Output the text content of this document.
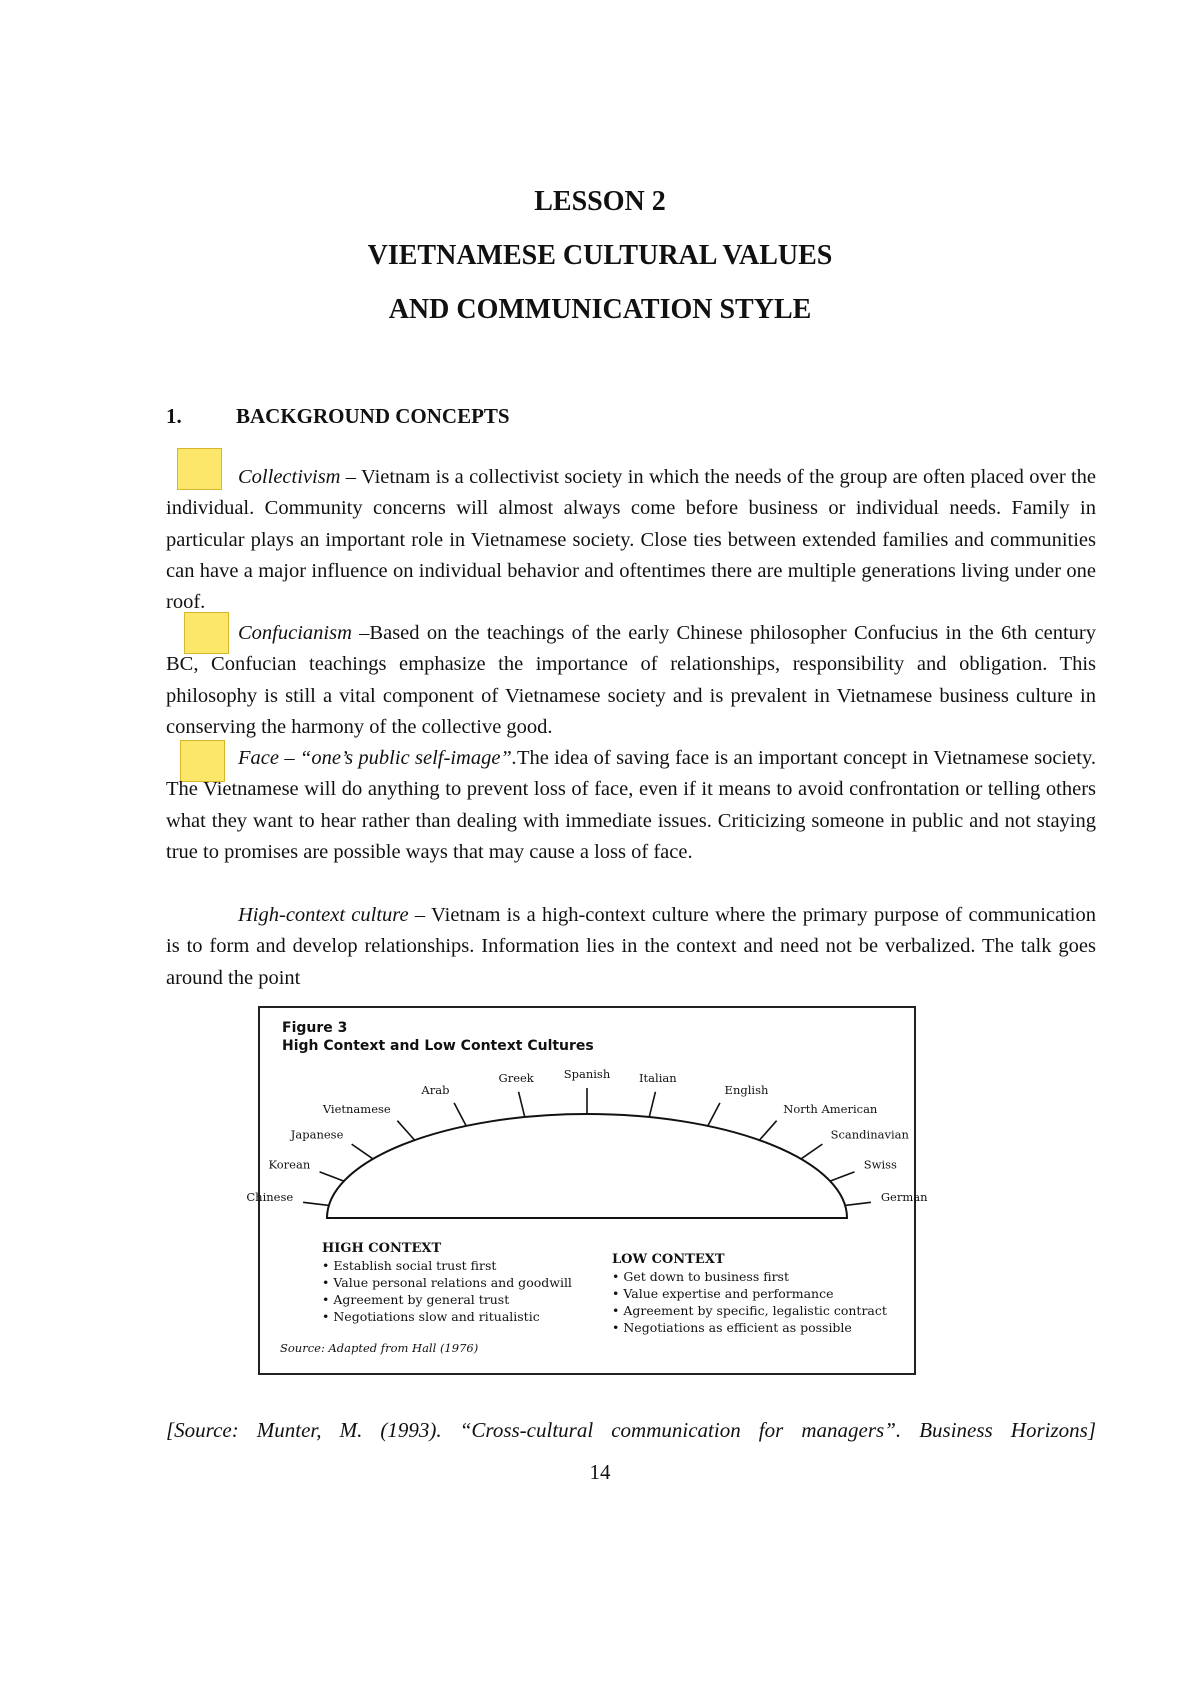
LESSON 2
VIETNAMESE CULTURAL VALUES
AND COMMUNICATION STYLE
1.	BACKGROUND CONCEPTS

Collectivism – Vietnam is a collectivist society in which the needs of the group are often placed over the individual. Community concerns will almost always come before business or individual needs. Family in particular plays an important role in Vietnamese society. Close ties between extended families and communities can have a major influence on individual behavior and oftentimes there are multiple generations living under one roof.

Confucianism –Based on the teachings of the early Chinese philosopher Confucius in the 6th century BC, Confucian teachings emphasize the importance of relationships, responsibility and obligation. This philosophy is still a vital component of Vietnamese society and is prevalent in Vietnamese business culture in conserving the harmony of the collective good.

Face – “one’s public self-image”.The idea of saving face is an important concept in Vietnamese society. The Vietnamese will do anything to prevent loss of face, even if it means to avoid confrontation or telling others what they want to hear rather than dealing with immediate issues. Criticizing someone in public and not staying true to promises are possible ways that may cause a loss of face.

High-context culture – Vietnam is a high-context culture where the primary purpose of communication is to form and develop relationships. Information lies in the context and need not be verbalized. The talk goes around the point

Figure 3
High Context and Low Context Cultures
Chinese
Korean
Japanese
Vietnamese
Arab
Greek	Spanish	Italian
English
North American
Scandinavian
Swiss
German
HIGH CONTEXT
• Establish social trust first
• Value personal relations and goodwill
• Agreement by general trust
• Negotiations slow and ritualistic
LOW CONTEXT
• Get down to business first
• Value expertise and performance
• Agreement by specific, legalistic contract
• Negotiations as efficient as possible
Source: Adapted from Hall (1976)
[Source: Munter, M. (1993). “Cross-cultural communication for managers”. Business Horizons]
14
